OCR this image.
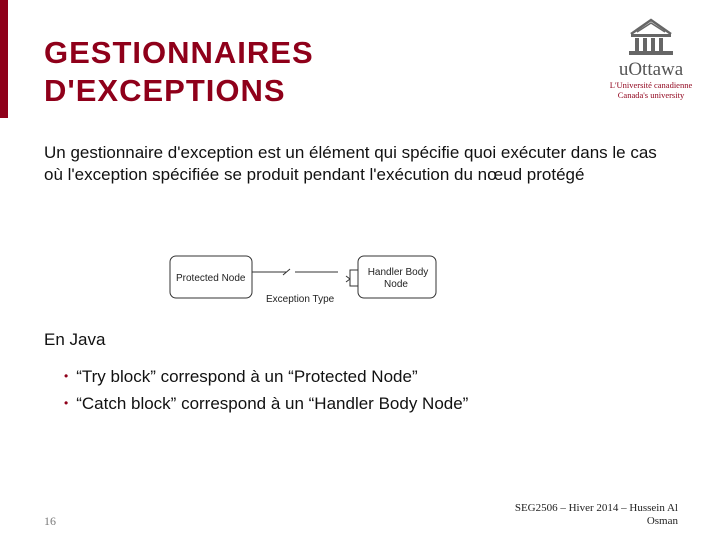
GESTIONNAIRES
D'EXCEPTIONS
uOttawa
L'Université canadienne
Canada's university
Un gestionnaire d'exception est un élément qui spécifie quoi exécuter dans le cas où l'exception spécifiée se produit pendant l'exécution du nœud protégé
Protected Node
Handler Body
Node
Exception Type
En Java
• “Try block” correspond à un “Protected Node”
• “Catch block” correspond à un “Handler Body Node”
16
SEG2506 – Hiver 2014 – Hussein Al
Osman
